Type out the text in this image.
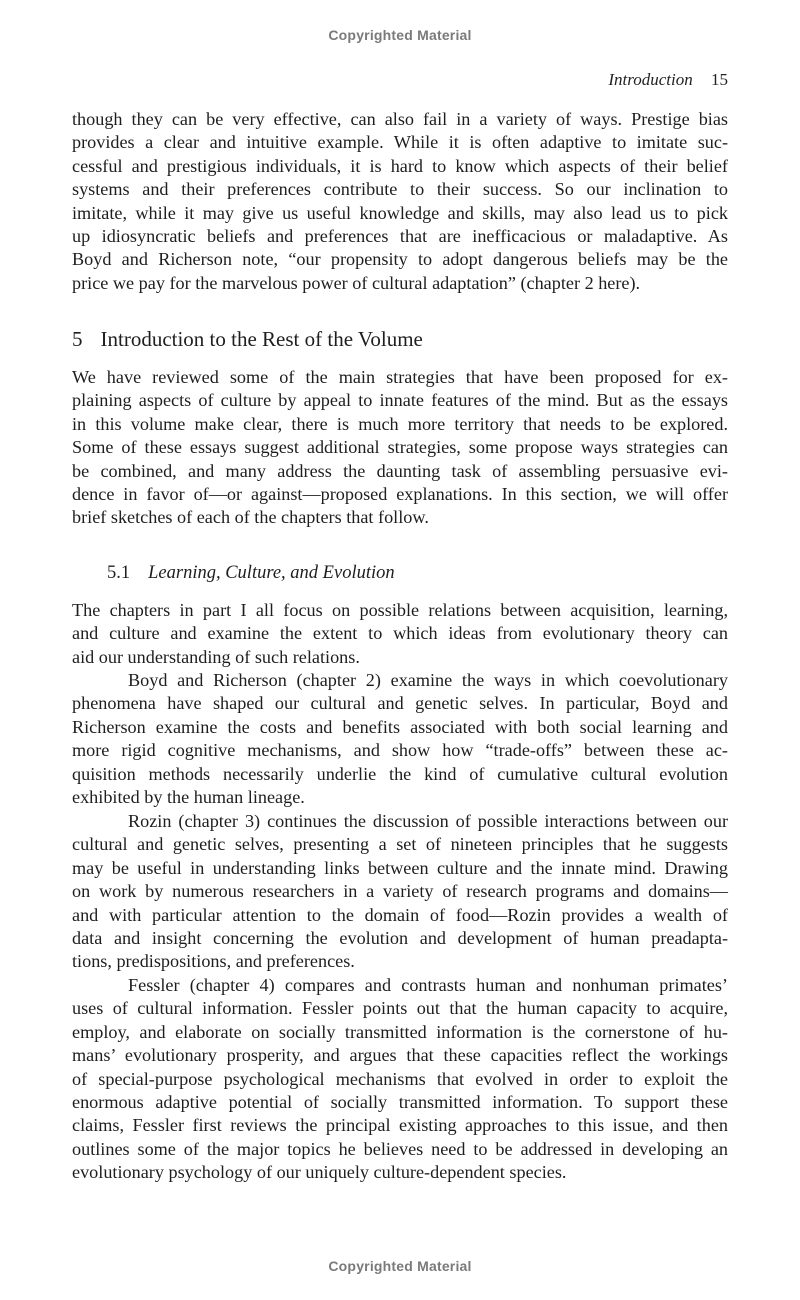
Copyrighted Material
Introduction 15
though they can be very effective, can also fail in a variety of ways. Prestige bias
provides a clear and intuitive example. While it is often adaptive to imitate suc-
cessful and prestigious individuals, it is hard to know which aspects of their belief
systems and their preferences contribute to their success. So our inclination to
imitate, while it may give us useful knowledge and skills, may also lead us to pick
up idiosyncratic beliefs and preferences that are inefficacious or maladaptive. As
Boyd and Richerson note, “our propensity to adopt dangerous beliefs may be the
price we pay for the marvelous power of cultural adaptation” (chapter 2 here).
5 Introduction to the Rest of the Volume
We have reviewed some of the main strategies that have been proposed for ex-
plaining aspects of culture by appeal to innate features of the mind. But as the essays
in this volume make clear, there is much more territory that needs to be explored.
Some of these essays suggest additional strategies, some propose ways strategies can
be combined, and many address the daunting task of assembling persuasive evi-
dence in favor of—or against—proposed explanations. In this section, we will offer
brief sketches of each of the chapters that follow.
5.1 Learning, Culture, and Evolution
The chapters in part I all focus on possible relations between acquisition, learning,
and culture and examine the extent to which ideas from evolutionary theory can
aid our understanding of such relations.
Boyd and Richerson (chapter 2) examine the ways in which coevolutionary
phenomena have shaped our cultural and genetic selves. In particular, Boyd and
Richerson examine the costs and benefits associated with both social learning and
more rigid cognitive mechanisms, and show how “trade-offs” between these ac-
quisition methods necessarily underlie the kind of cumulative cultural evolution
exhibited by the human lineage.
Rozin (chapter 3) continues the discussion of possible interactions between our
cultural and genetic selves, presenting a set of nineteen principles that he suggests
may be useful in understanding links between culture and the innate mind. Drawing
on work by numerous researchers in a variety of research programs and domains—
and with particular attention to the domain of food—Rozin provides a wealth of
data and insight concerning the evolution and development of human preadapta-
tions, predispositions, and preferences.
Fessler (chapter 4) compares and contrasts human and nonhuman primates’
uses of cultural information. Fessler points out that the human capacity to acquire,
employ, and elaborate on socially transmitted information is the cornerstone of hu-
mans’ evolutionary prosperity, and argues that these capacities reflect the workings
of special-purpose psychological mechanisms that evolved in order to exploit the
enormous adaptive potential of socially transmitted information. To support these
claims, Fessler first reviews the principal existing approaches to this issue, and then
outlines some of the major topics he believes need to be addressed in developing an
evolutionary psychology of our uniquely culture-dependent species.
Copyrighted Material
